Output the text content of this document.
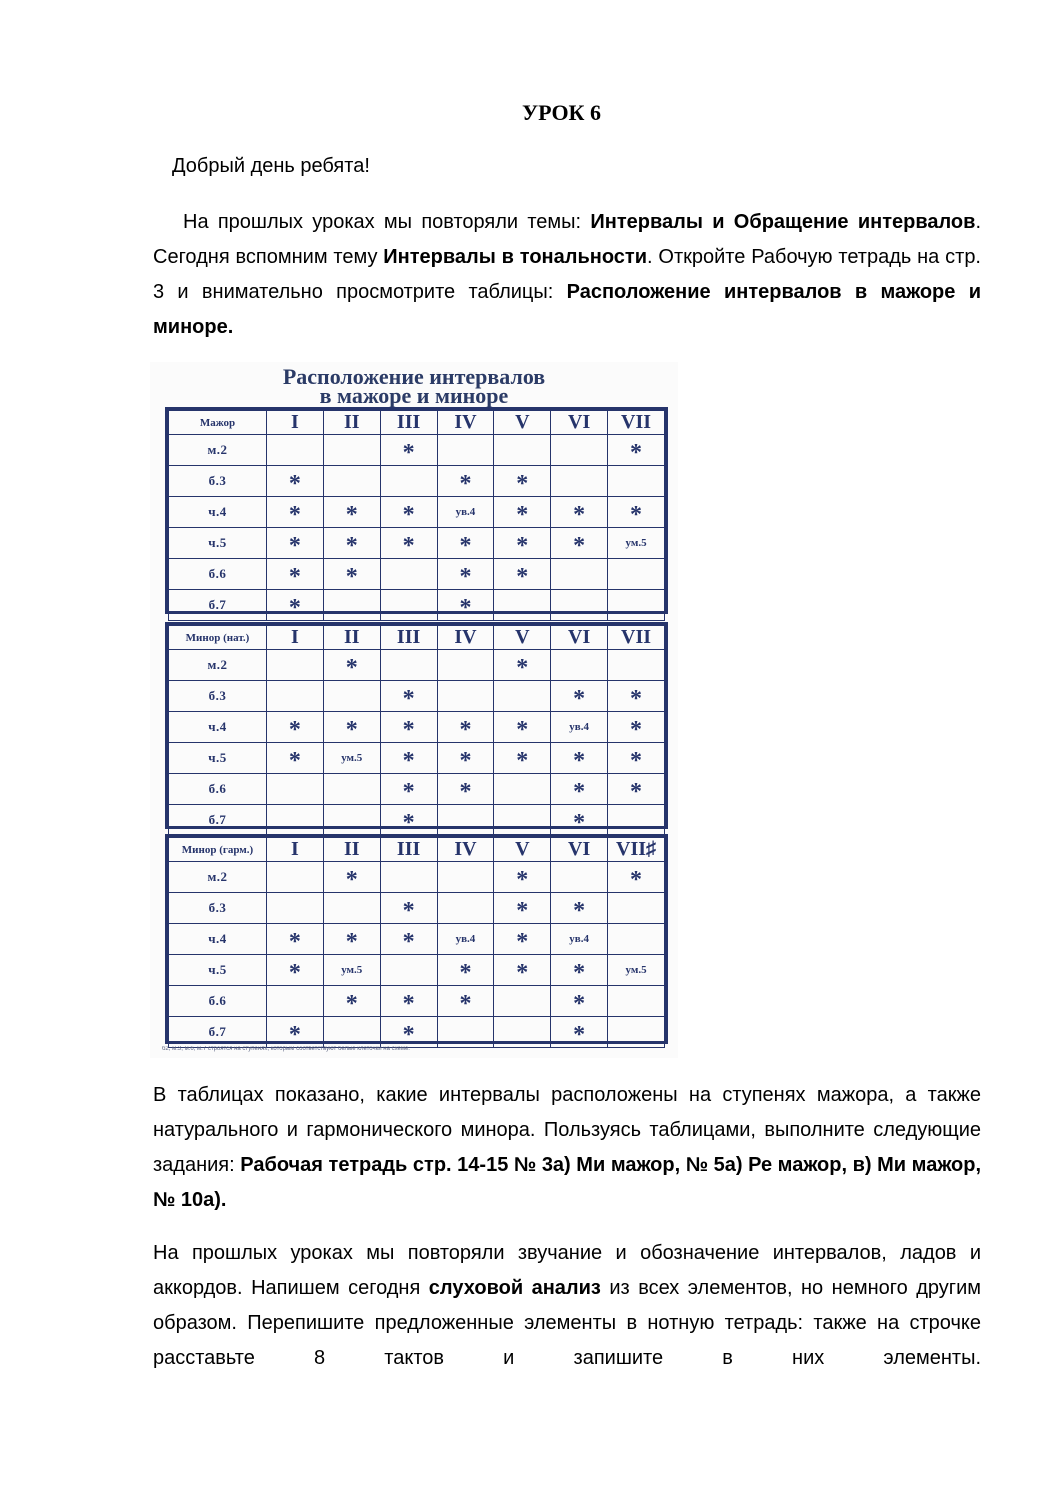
УРОК 6
Добрый день ребята!
На прошлых уроках мы повторяли темы: Интервалы и Обращение интервалов. Сегодня вспомним тему Интервалы в тональности. Откройте Рабочую тетрадь на стр. 3 и внимательно просмотрите таблицы: Расположение интервалов в мажоре и миноре.
Расположение интервалов
в мажоре и миноре
Мажор	I	II	III	IV	V	VI	VII
м.2			*				*
б.3	*			*	*		
ч.4	*	*	*	ув.4	*	*	*
ч.5	*	*	*	*	*	*	ум.5
б.6	*	*		*	*		
б.7	*			*			
Минор (нат.)	I	II	III	IV	V	VI	VII
м.2		*			*		
б.3			*			*	*
ч.4	*	*	*	*	*	ув.4	*
ч.5	*	ум.5	*	*	*	*	*
б.6			*	*		*	*
б.7			*			*	
Минор (гарм.)	I	II	III	IV	V	VI	VII♯
м.2		*			*		*
б.3			*		*	*	
ч.4	*	*	*	ув.4	*	ув.4	
ч.5	*	ум.5		*	*	*	ум.5
б.6		*	*	*		*	
б.7	*		*			*	
б2, м.3, м.6, м.7 строятся на ступенях, которым соответствуют белые клеточки на схеме.
В таблицах показано, какие интервалы расположены на ступенях мажора, а также натурального и гармонического минора. Пользуясь таблицами, выполните следующие задания: Рабочая тетрадь стр. 14-15 № 3а) Ми мажор, № 5а) Ре мажор, в) Ми мажор, № 10а).
На прошлых уроках мы повторяли звучание и обозначение интервалов, ладов и аккордов. Напишем сегодня слуховой анализ из всех элементов, но немного другим образом. Перепишите предложенные элементы в нотную тетрадь: также на строчке расставьте 8 тактов и запишите в них элементы.
